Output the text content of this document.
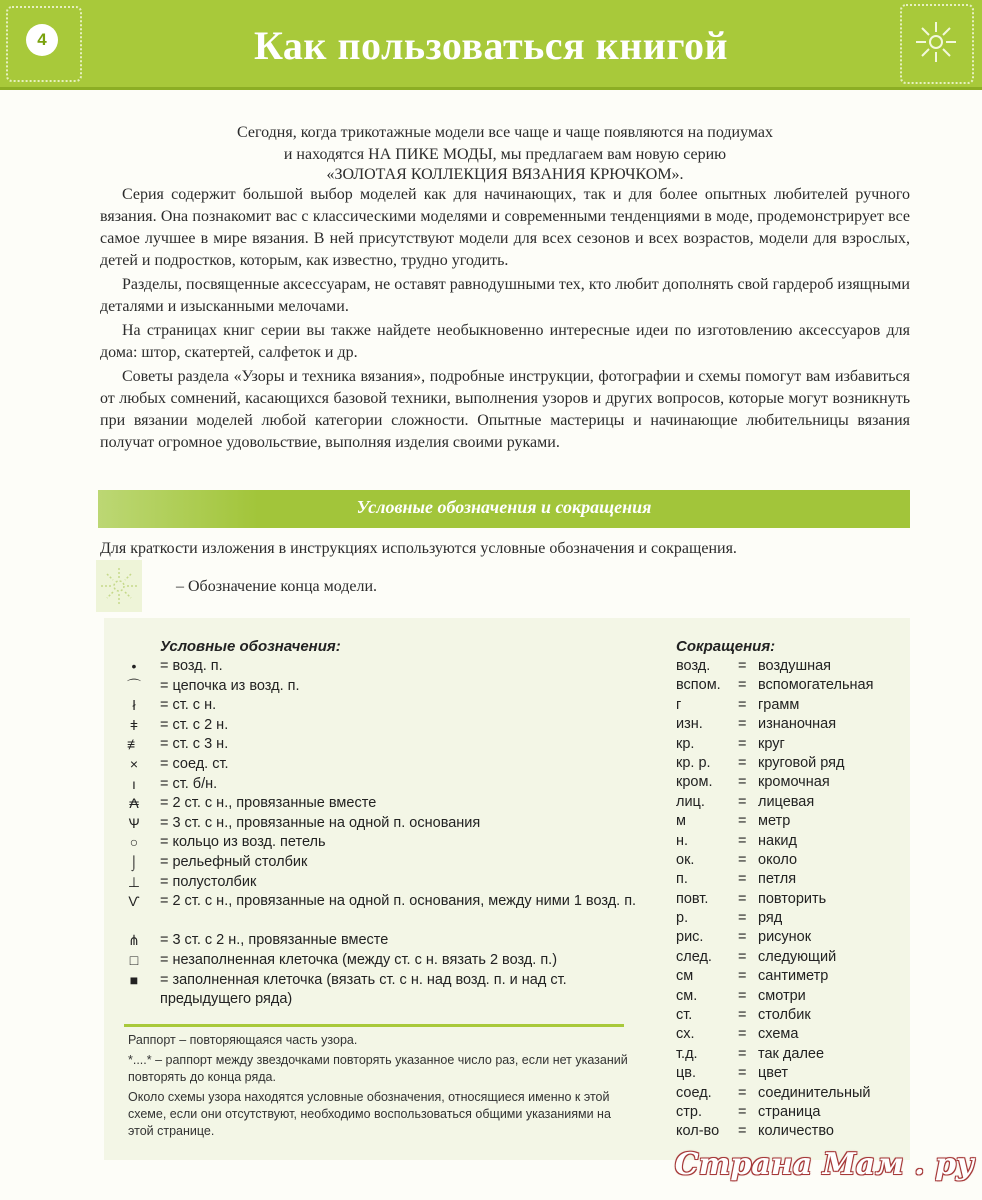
4	Как пользоваться книгой
Сегодня, когда трикотажные модели все чаще и чаще появляются на подиумах
и находятся НА ПИКЕ МОДЫ, мы предлагаем вам новую серию
«ЗОЛОТАЯ КОЛЛЕКЦИЯ ВЯЗАНИЯ КРЮЧКОМ».

Серия содержит большой выбор моделей как для начинающих, так и для более опытных любителей ручного вязания. Она познакомит вас с классическими моделями и современными тенденциями в моде, продемонстрирует все самое лучшее в мире вязания. В ней присутствуют модели для всех сезонов и всех возрастов, модели для взрослых, детей и подростков, которым, как известно, трудно угодить.

Разделы, посвященные аксессуарам, не оставят равнодушными тех, кто любит дополнять свой гардероб изящными деталями и изысканными мелочами.

На страницах книг серии вы также найдете необыкновенно интересные идеи по изготовлению аксессуаров для дома: штор, скатертей, салфеток и др.

Советы раздела «Узоры и техника вязания», подробные инструкции, фотографии и схемы помогут вам избавиться от любых сомнений, касающихся базовой техники, выполнения узоров и других вопросов, которые могут возникнуть при вязании моделей любой категории сложности. Опытные мастерицы и начинающие любительницы вязания получат огромное удовольствие, выполняя изделия своими руками.

Условные обозначения и сокращения
Для краткости изложения в инструкциях используются условные обозначения и сокращения.
– Обозначение конца модели.
Условные обозначения:
•	= возд. п.
⌒ = цепочка из возд. п.
ł	= ст. с н.
ǂ	= ст. с 2 н.
≢ = ст. с 3 н.
×	= соед. ст.
ı	= ст. б/н.
₳	= 2 ст. с н., провязанные вместе
Ѱ	= 3 ст. с н., провязанные на одной п. основания
○	= кольцо из возд. петель
⌡	= рельефный столбик
⊥ = полустолбик
Ѵ	= 2 ст. с н., провязанные на одной п. основания, между ними 1 возд. п.
⋔ = 3 ст. с 2 н., провязанные вместе
□	= незаполненная клеточка (между ст. с н. вязать 2 возд. п.)
■	= заполненная клеточка (вязать ст. с н. над возд. п. и над ст. предыдущего ряда)

Раппорт – повторяющаяся часть узора.

*....* – раппорт между звездочками повторять указанное число раз, если нет указаний повторять до конца ряда.

Около схемы узора находятся условные обозначения, относящиеся именно к этой схеме, если они отсутствуют, необходимо воспользоваться общими указаниями на этой странице.

Сокращения:
возд. = воздушная
вспом. = вспомогательная
г	= грамм
изн. = изнаночная
кр.	= круг
кр. р. = круговой ряд
кром. = кромочная
лиц. = лицевая
м	= метр
н.	= накид
ок.	= около
п.	= петля
повт. = повторить
р.	= ряд
рис. = рисунок
след. = следующий
см	= сантиметр
см.	= смотри
ст.	= столбик
сх.	= схема
т.д.	= так далее
цв.	= цвет
соед. = соединительный
стр. = страница
кол-во = количество
Страна Мам . ру
